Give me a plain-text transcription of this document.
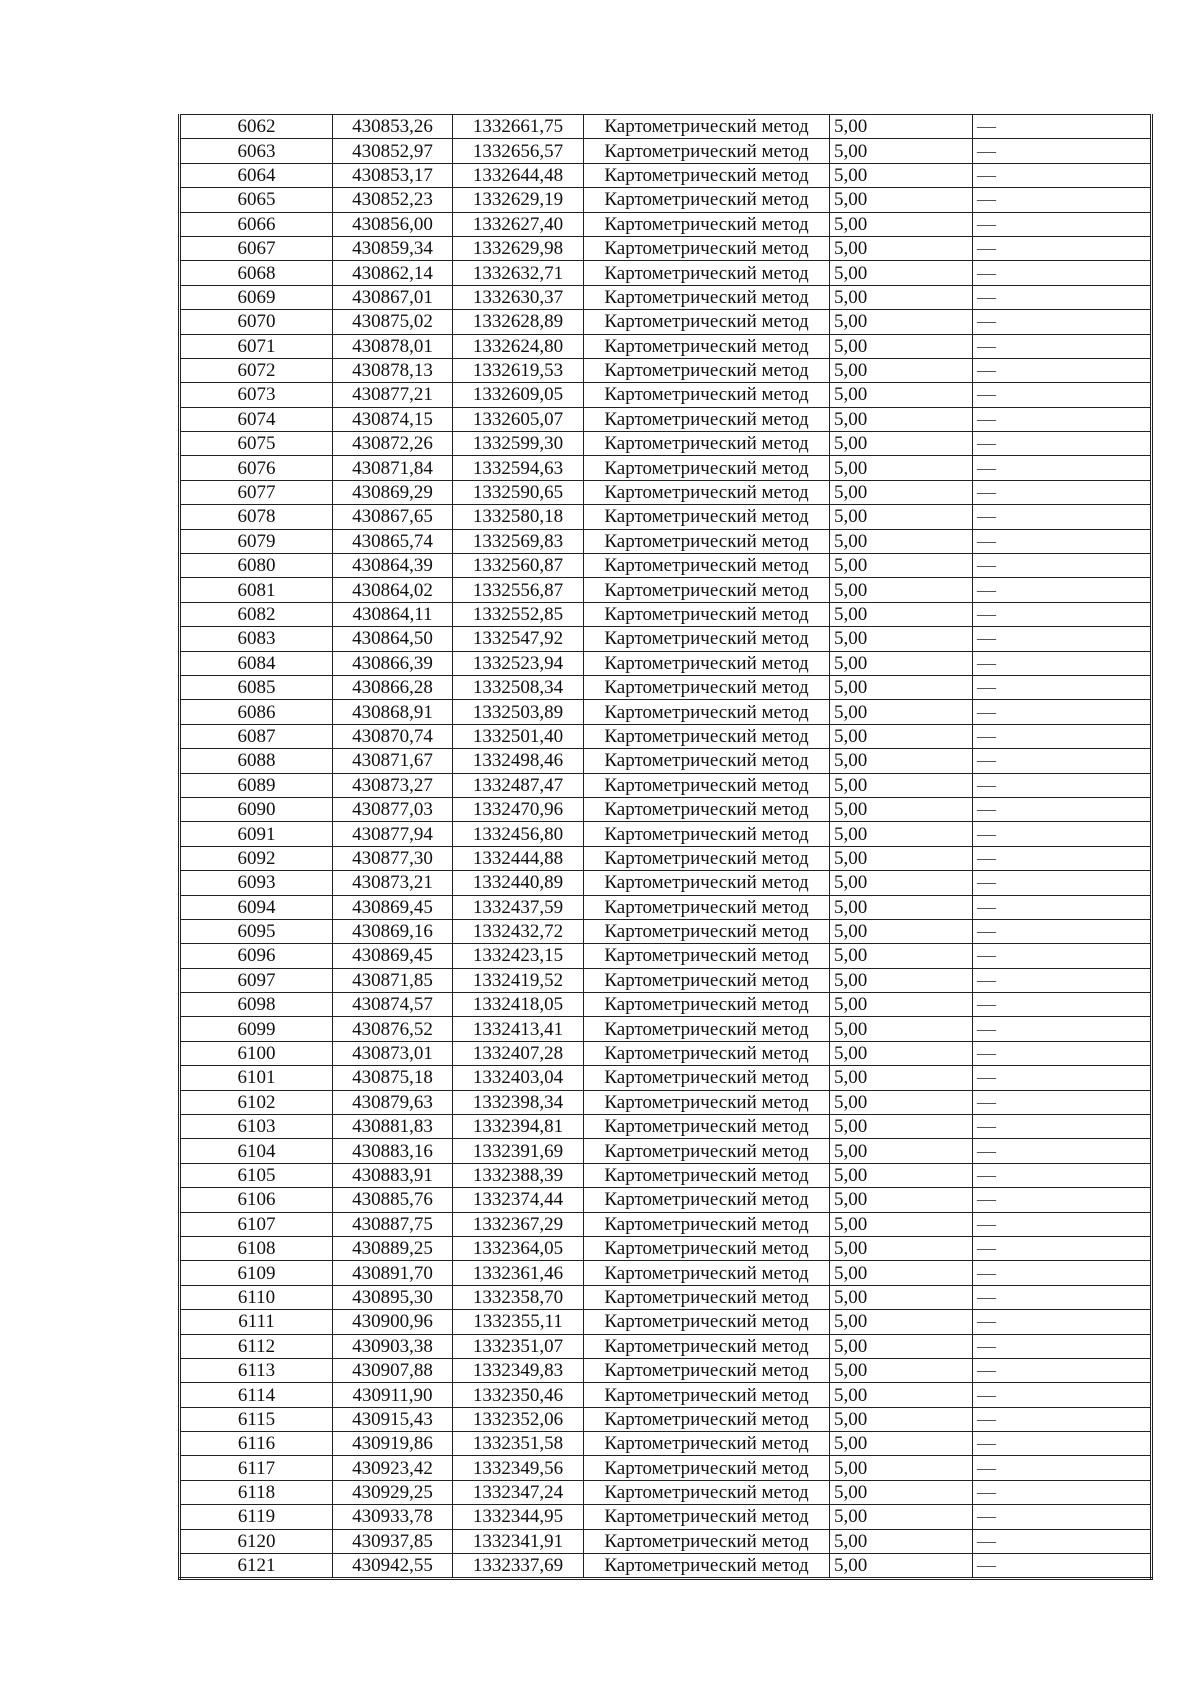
6062	430853,26	1332661,75	Картометрический метод	5,00	—
6063	430852,97	1332656,57	Картометрический метод	5,00	—
6064	430853,17	1332644,48	Картометрический метод	5,00	—
6065	430852,23	1332629,19	Картометрический метод	5,00	—
6066	430856,00	1332627,40	Картометрический метод	5,00	—
6067	430859,34	1332629,98	Картометрический метод	5,00	—
6068	430862,14	1332632,71	Картометрический метод	5,00	—
6069	430867,01	1332630,37	Картометрический метод	5,00	—
6070	430875,02	1332628,89	Картометрический метод	5,00	—
6071	430878,01	1332624,80	Картометрический метод	5,00	—
6072	430878,13	1332619,53	Картометрический метод	5,00	—
6073	430877,21	1332609,05	Картометрический метод	5,00	—
6074	430874,15	1332605,07	Картометрический метод	5,00	—
6075	430872,26	1332599,30	Картометрический метод	5,00	—
6076	430871,84	1332594,63	Картометрический метод	5,00	—
6077	430869,29	1332590,65	Картометрический метод	5,00	—
6078	430867,65	1332580,18	Картометрический метод	5,00	—
6079	430865,74	1332569,83	Картометрический метод	5,00	—
6080	430864,39	1332560,87	Картометрический метод	5,00	—
6081	430864,02	1332556,87	Картометрический метод	5,00	—
6082	430864,11	1332552,85	Картометрический метод	5,00	—
6083	430864,50	1332547,92	Картометрический метод	5,00	—
6084	430866,39	1332523,94	Картометрический метод	5,00	—
6085	430866,28	1332508,34	Картометрический метод	5,00	—
6086	430868,91	1332503,89	Картометрический метод	5,00	—
6087	430870,74	1332501,40	Картометрический метод	5,00	—
6088	430871,67	1332498,46	Картометрический метод	5,00	—
6089	430873,27	1332487,47	Картометрический метод	5,00	—
6090	430877,03	1332470,96	Картометрический метод	5,00	—
6091	430877,94	1332456,80	Картометрический метод	5,00	—
6092	430877,30	1332444,88	Картометрический метод	5,00	—
6093	430873,21	1332440,89	Картометрический метод	5,00	—
6094	430869,45	1332437,59	Картометрический метод	5,00	—
6095	430869,16	1332432,72	Картометрический метод	5,00	—
6096	430869,45	1332423,15	Картометрический метод	5,00	—
6097	430871,85	1332419,52	Картометрический метод	5,00	—
6098	430874,57	1332418,05	Картометрический метод	5,00	—
6099	430876,52	1332413,41	Картометрический метод	5,00	—
6100	430873,01	1332407,28	Картометрический метод	5,00	—
6101	430875,18	1332403,04	Картометрический метод	5,00	—
6102	430879,63	1332398,34	Картометрический метод	5,00	—
6103	430881,83	1332394,81	Картометрический метод	5,00	—
6104	430883,16	1332391,69	Картометрический метод	5,00	—
6105	430883,91	1332388,39	Картометрический метод	5,00	—
6106	430885,76	1332374,44	Картометрический метод	5,00	—
6107	430887,75	1332367,29	Картометрический метод	5,00	—
6108	430889,25	1332364,05	Картометрический метод	5,00	—
6109	430891,70	1332361,46	Картометрический метод	5,00	—
6110	430895,30	1332358,70	Картометрический метод	5,00	—
6111	430900,96	1332355,11	Картометрический метод	5,00	—
6112	430903,38	1332351,07	Картометрический метод	5,00	—
6113	430907,88	1332349,83	Картометрический метод	5,00	—
6114	430911,90	1332350,46	Картометрический метод	5,00	—
6115	430915,43	1332352,06	Картометрический метод	5,00	—
6116	430919,86	1332351,58	Картометрический метод	5,00	—
6117	430923,42	1332349,56	Картометрический метод	5,00	—
6118	430929,25	1332347,24	Картометрический метод	5,00	—
6119	430933,78	1332344,95	Картометрический метод	5,00	—
6120	430937,85	1332341,91	Картометрический метод	5,00	—
6121	430942,55	1332337,69	Картометрический метод	5,00	—
